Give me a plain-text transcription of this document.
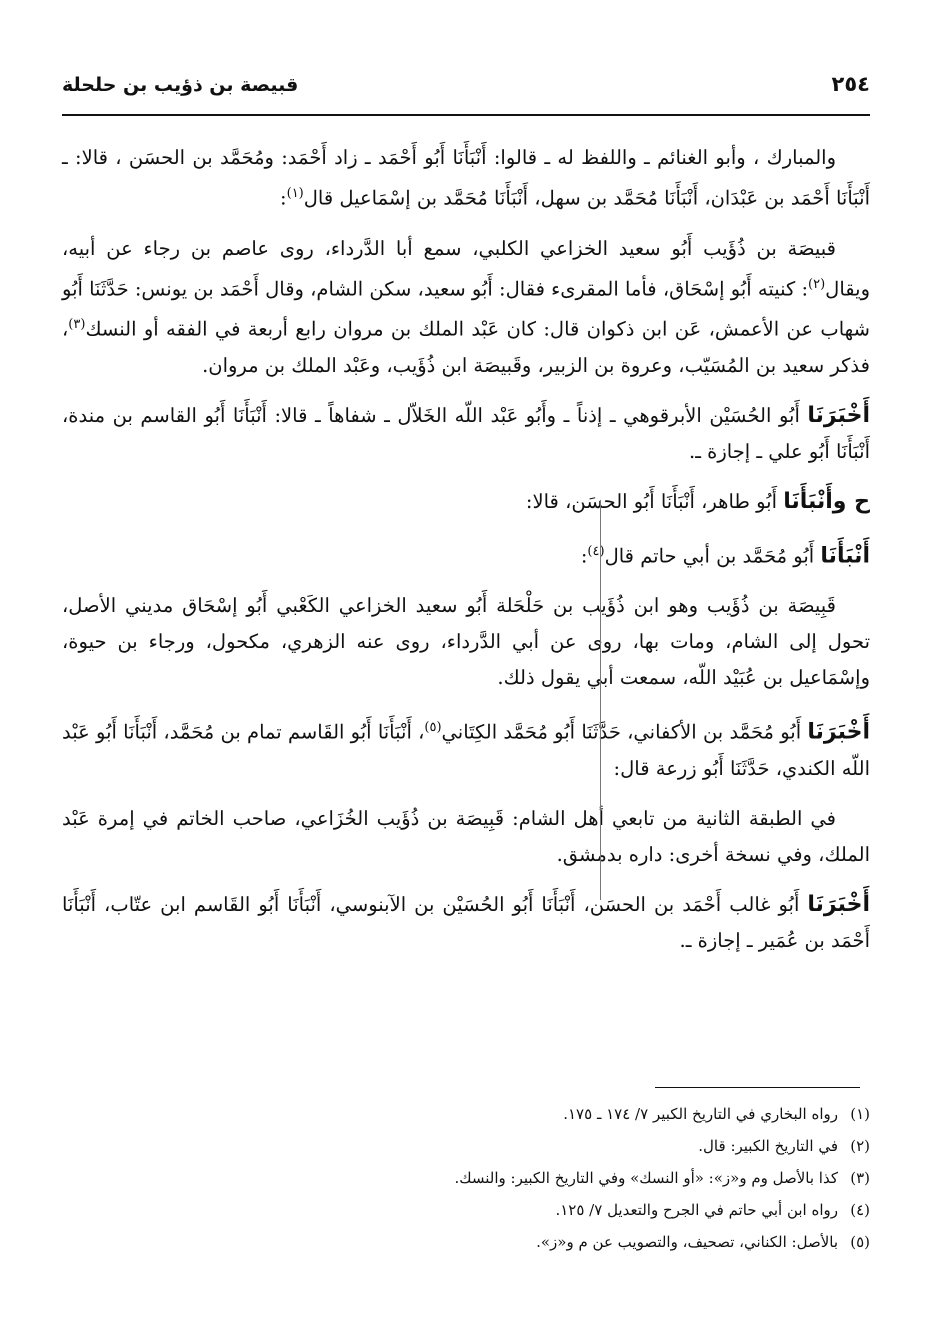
٢٥٤
قبيصة بن ذؤيب بن حلحلة

والمبارك ، وأبو الغنائم ـ واللفظ له ـ قالوا: أَنْبَأَنَا أَبُو أَحْمَد ـ زاد أَحْمَد: ومُحَمَّد بن الحسَن ، قالا: ـ أَنْبَأَنَا أَحْمَد بن عَبْدَان، أَنْبَأَنَا مُحَمَّد بن سهل، أَنْبَأَنَا مُحَمَّد بن إسْمَاعيل قال$^{(١)}$:

قبيصَة بن ذُؤَيب أَبُو سعيد الخزاعي الكلبي، سمع أبا الدَّرداء، روى عاصم بن رجاء عن أبيه، ويقال$^{(٢)}$: كنيته أَبُو إسْحَاق، فأما المقرىء فقال: أَبُو سعيد، سكن الشام، وقال أَحْمَد بن يونس: حَدَّثَنَا أَبُو شهاب عن الأعمش، عَن ابن ذكوان قال: كان عَبْد الملك بن مروان رابع أربعة في الفقه أو النسك$^{(٣)}$، فذكر سعيد بن المُسَيّب، وعروة بن الزبير، وقَبيصَة ابن ذُؤَيب، وعَبْد الملك بن مروان.

أَخْبَرَنَا أَبُو الحُسَيْن الأبرقوهي ـ إذناً ـ وأَبُو عَبْد اللّه الخَلاّل ـ شفاهاً ـ قالا: أَنْبَأَنَا أَبُو القاسم بن مندة، أَنْبَأَنَا أَبُو علي ـ إجازة ـ.

ح وأَنْبَأَنَا أَبُو طاهر، أَنْبَأَنَا أَبُو الحسَن، قالا:

أَنْبَأَنَا أَبُو مُحَمَّد بن أبي حاتم قال$^{(٤)}$:

قَبِيصَة بن ذُؤَيب وهو ابن ذُؤَيب بن حَلْحَلة أَبُو سعيد الخزاعي الكَعْبي أَبُو إسْحَاق مديني الأصل، تحول إلى الشام، ومات بها، روى عن أبي الدَّرداء، روى عنه الزهري، مكحول، ورجاء بن حيوة، وإسْمَاعيل بن عُبَيْد اللّه، سمعت أبي يقول ذلك.

أَخْبَرَنَا أَبُو مُحَمَّد بن الأكفاني، حَدَّثَنَا أَبُو مُحَمَّد الكِتَاني$^{(٥)}$، أَنْبَأَنَا أَبُو القَاسم تمام بن مُحَمَّد، أَنْبَأَنَا أَبُو عَبْد اللّه الكندي، حَدَّثَنَا أَبُو زرعة قال:

في الطبقة الثانية من تابعي أهل الشام: قَبِيصَة بن ذُؤَيب الخُزَاعي، صاحب الخاتم في إمرة عَبْد الملك، وفي نسخة أخرى: داره بدمشق.

أَخْبَرَنَا أَبُو غالب أَحْمَد بن الحسَن، أَنْبَأَنَا أَبُو الحُسَيْن بن الآبنوسي، أَنْبَأَنَا أَبُو القَاسم ابن عتّاب، أَنْبَأَنَا أَحْمَد بن عُمَير ـ إجازة ـ.

(١)رواه البخاري في التاريخ الكبير ٧/ ١٧٤ ـ ١٧٥.
(٢)في التاريخ الكبير: قال.
(٣)كذا بالأصل وم و«ز»: «أو النسك» وفي التاريخ الكبير: والنسك.
(٤)رواه ابن أبي حاتم في الجرح والتعديل ٧/ ١٢٥.
(٥)بالأصل: الكناني، تصحيف، والتصويب عن م و«ز».
